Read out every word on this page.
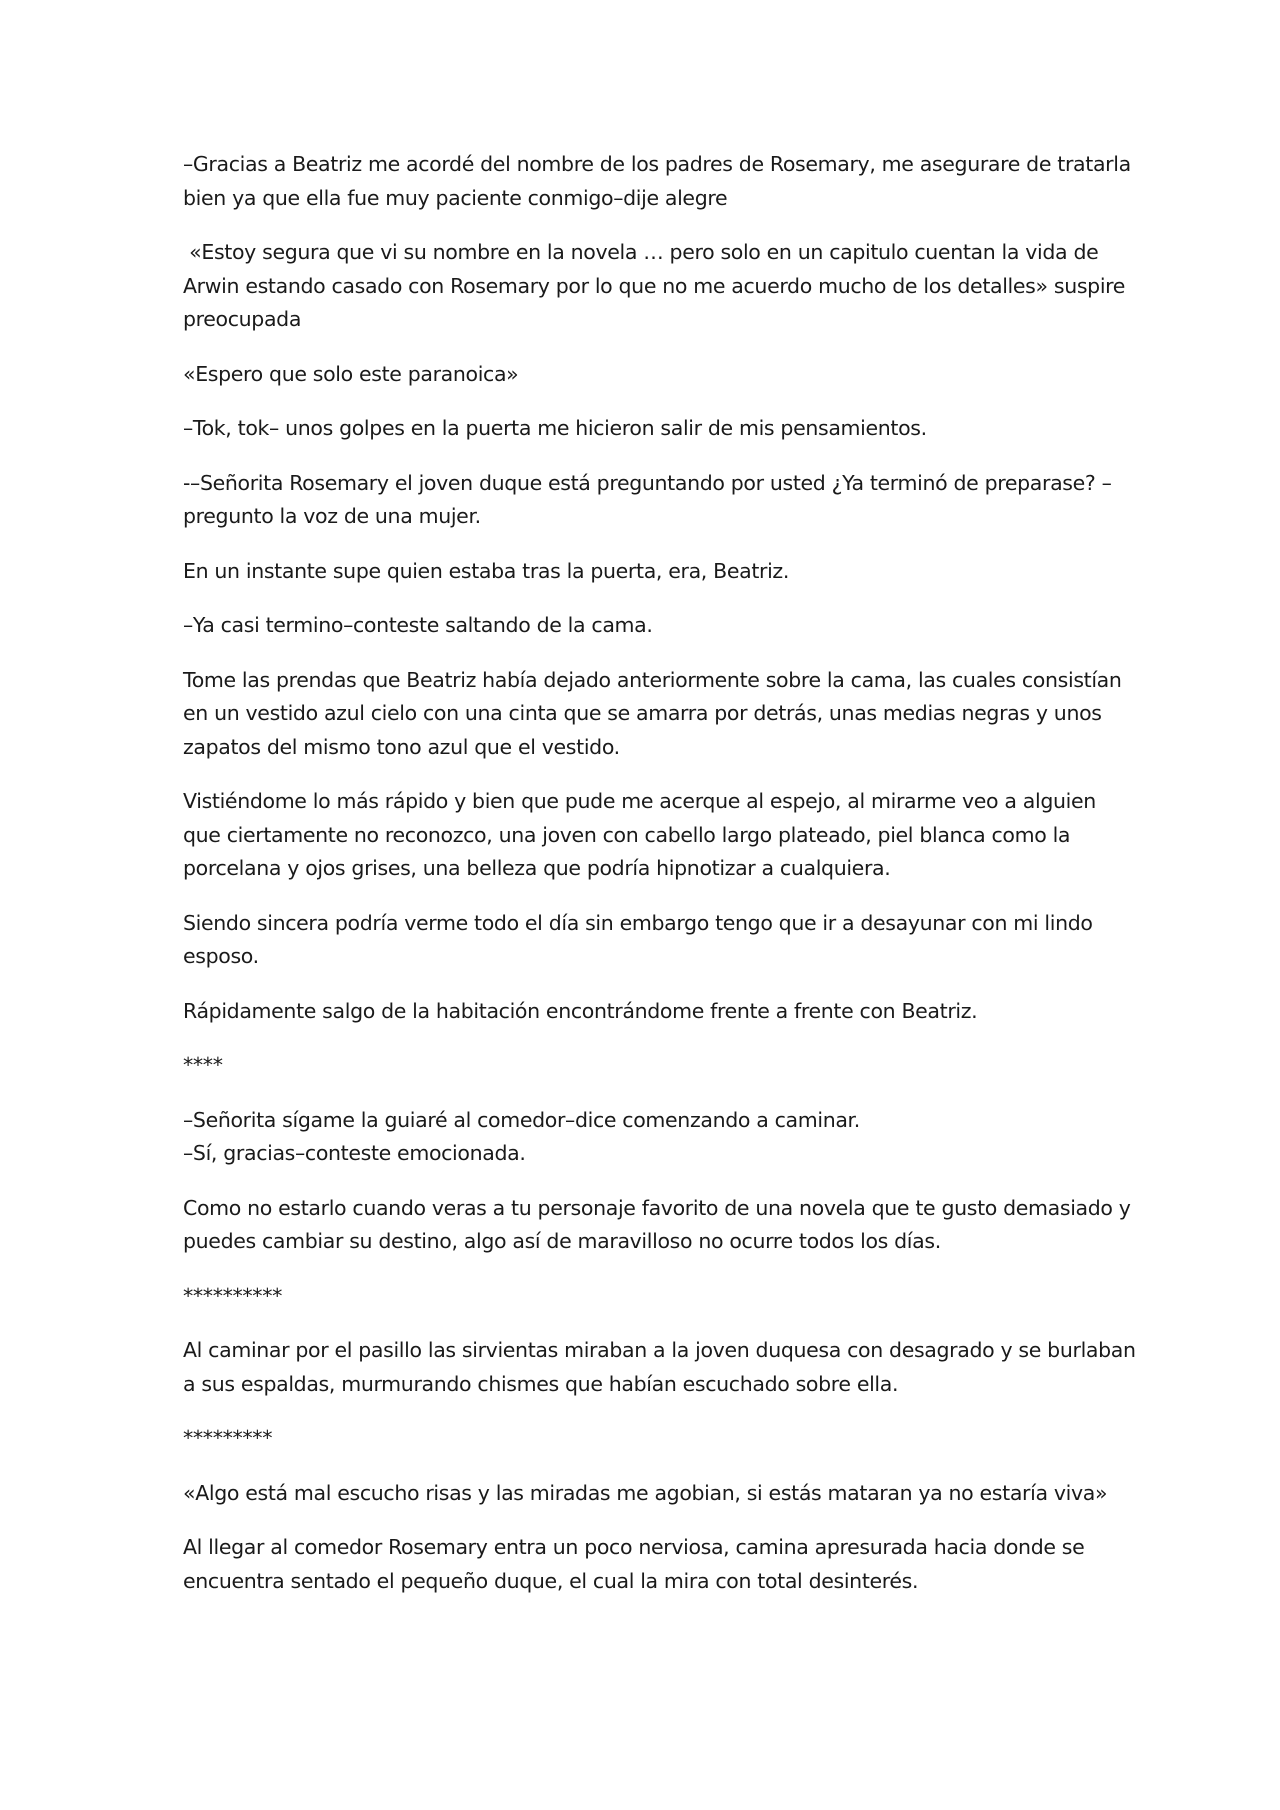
–Gracias a Beatriz me acordé del nombre de los padres de Rosemary, me asegurare de tratarla
bien ya que ella fue muy paciente conmigo–dije alegre

«Estoy segura que vi su nombre en la novela … pero solo en un capitulo cuentan la vida de
Arwin estando casado con Rosemary por lo que no me acuerdo mucho de los detalles» suspire
preocupada

«Espero que solo este paranoica»

–Tok, tok– unos golpes en la puerta me hicieron salir de mis pensamientos.

-–Señorita Rosemary el joven duque está preguntando por usted ¿Ya terminó de preparase? –
pregunto la voz de una mujer.

En un instante supe quien estaba tras la puerta, era, Beatriz.

–Ya casi termino–conteste saltando de la cama.

Tome las prendas que Beatriz había dejado anteriormente sobre la cama, las cuales consistían
en un vestido azul cielo con una cinta que se amarra por detrás, unas medias negras y unos
zapatos del mismo tono azul que el vestido.

Vistiéndome lo más rápido y bien que pude me acerque al espejo, al mirarme veo a alguien
que ciertamente no reconozco, una joven con cabello largo plateado, piel blanca como la
porcelana y ojos grises, una belleza que podría hipnotizar a cualquiera.

Siendo sincera podría verme todo el día sin embargo tengo que ir a desayunar con mi lindo
esposo.

Rápidamente salgo de la habitación encontrándome frente a frente con Beatriz.

****

–Señorita sígame la guiaré al comedor–dice comenzando a caminar.
–Sí, gracias–conteste emocionada.

Como no estarlo cuando veras a tu personaje favorito de una novela que te gusto demasiado y
puedes cambiar su destino, algo así de maravilloso no ocurre todos los días.

**********

Al caminar por el pasillo las sirvientas miraban a la joven duquesa con desagrado y se burlaban
a sus espaldas, murmurando chismes que habían escuchado sobre ella.

*********

«Algo está mal escucho risas y las miradas me agobian, si estás mataran ya no estaría viva»

Al llegar al comedor Rosemary entra un poco nerviosa, camina apresurada hacia donde se
encuentra sentado el pequeño duque, el cual la mira con total desinterés.
